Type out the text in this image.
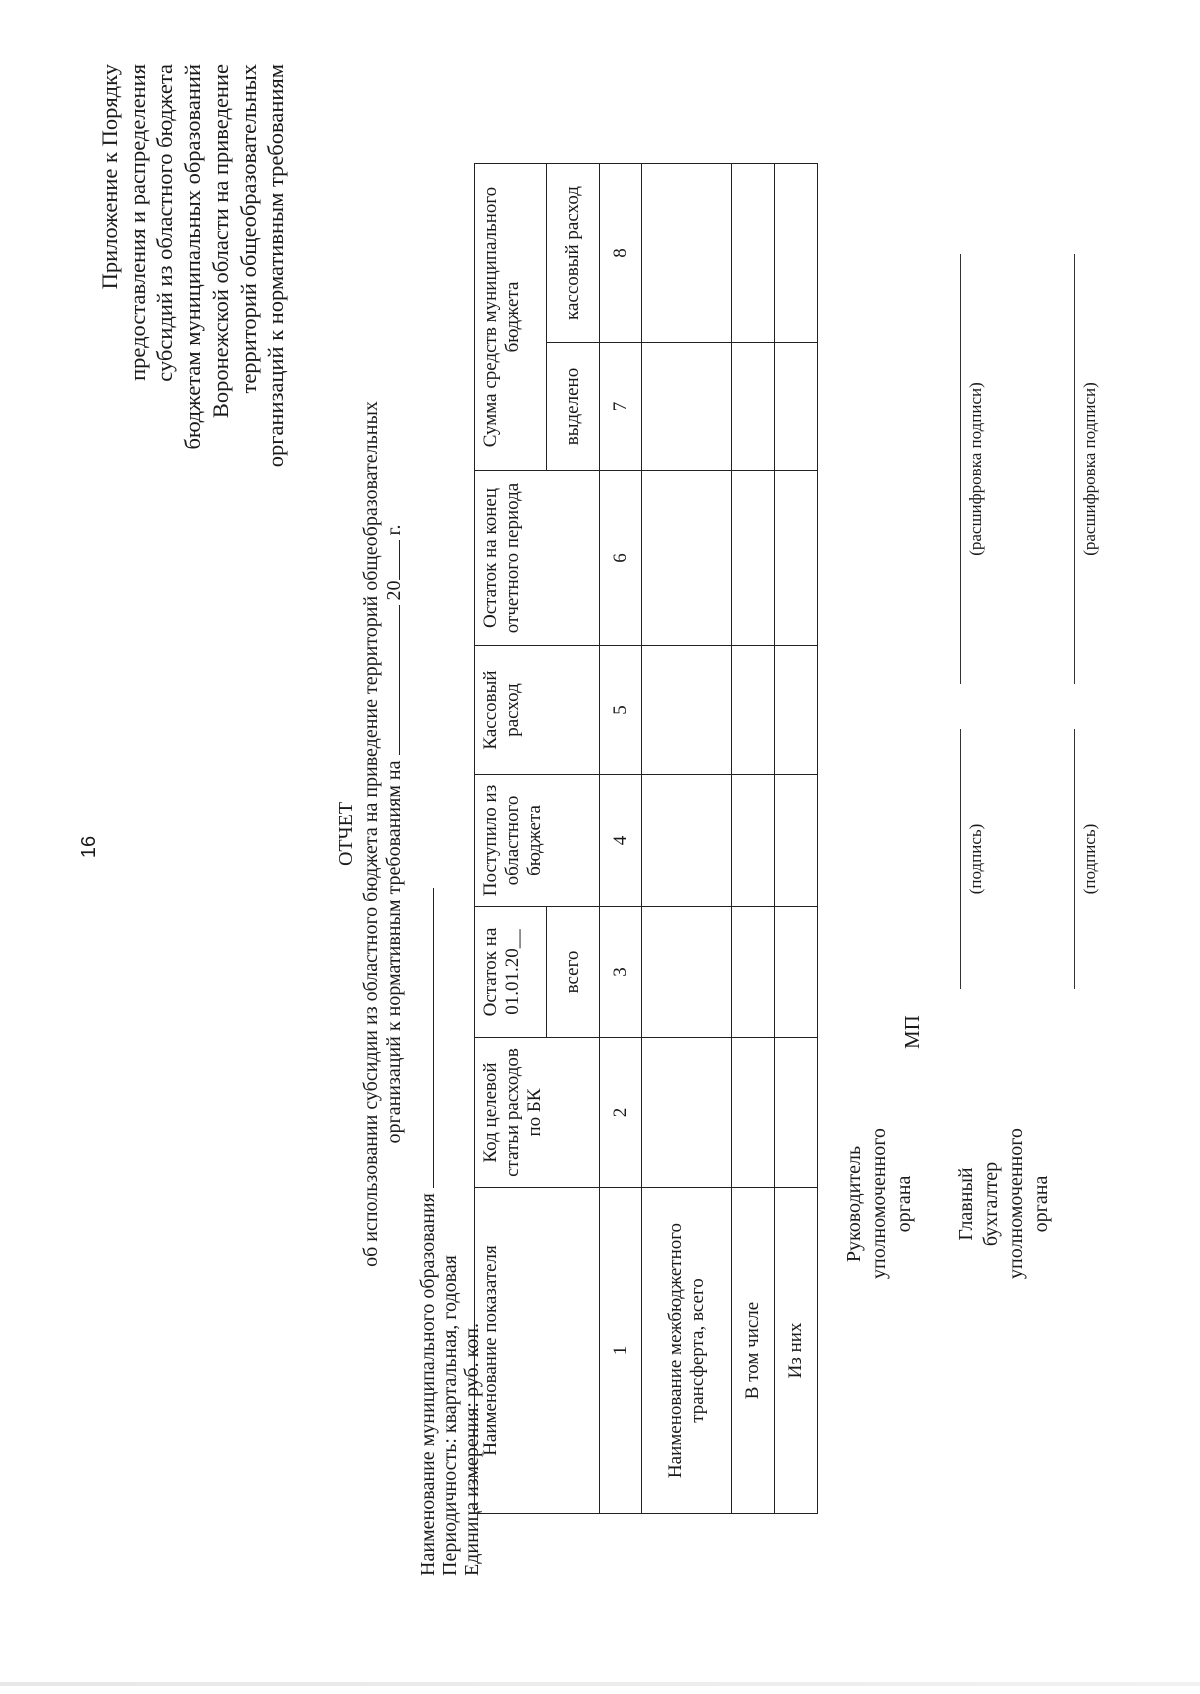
16
Приложение к Порядку предоставления и распределения субсидий из областного бюджета бюджетам муниципальных образований Воронежской области на приведение территорий общеобразовательных организаций к нормативным требованиям
ОТЧЕТ об использовании субсидии из областного бюджета на приведение территорий общеобразовательных организаций к нормативным требованиям на  20 г.
Наименование муниципального образования Периодичность: квартальная, годовая Единица измерения: руб. коп.
Наименование показателя	Код целевой статьи расходов по БК	Остаток на 01.01.20__	Поступило из областного бюджета	Кассовый расход	Остаток на конец отчетного периода	Сумма средств муниципального бюджета	
		всего				выделено	кассовый расход
1	2	3	4	5	6	7	8
Наименование межбюджетного трансферта, всего							
В том числе							
Из них							
Руководитель уполномоченного органа
МП
(подпись)
(расшифровка подписи)
Главный бухгалтер уполномоченного органа
(подпись)
(расшифровка подписи)
